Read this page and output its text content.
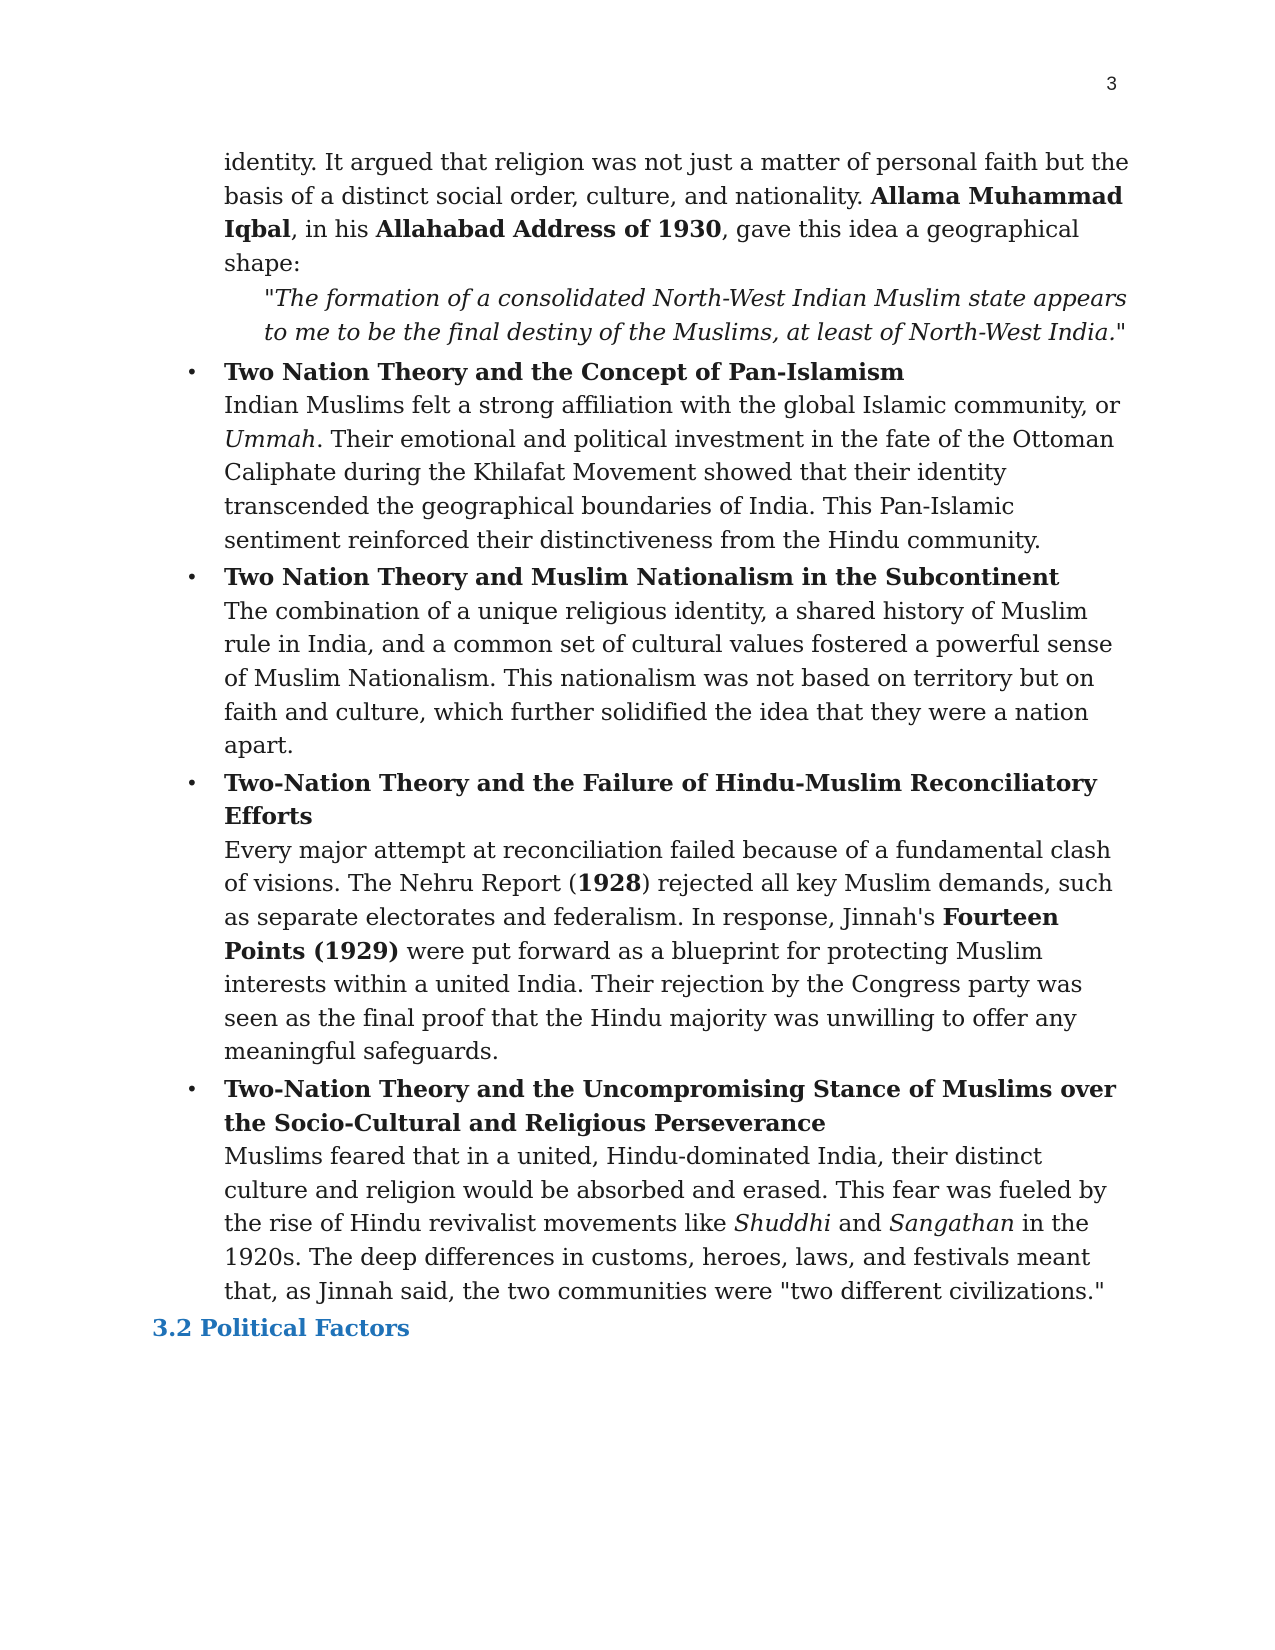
3

identity. It argued that religion was not just a matter of personal faith but the basis of a distinct social order, culture, and nationality. Allama Muhammad Iqbal, in his Allahabad Address of 1930, gave this idea a geographical shape:

"The formation of a consolidated North-West Indian Muslim state appears to me to be the final destiny of the Muslims, at least of North-West India."

• Two Nation Theory and the Concept of Pan-Islamism

Indian Muslims felt a strong affiliation with the global Islamic community, or Ummah. Their emotional and political investment in the fate of the Ottoman Caliphate during the Khilafat Movement showed that their identity transcended the geographical boundaries of India. This Pan-Islamic sentiment reinforced their distinctiveness from the Hindu community.

• Two Nation Theory and Muslim Nationalism in the Subcontinent

The combination of a unique religious identity, a shared history of Muslim rule in India, and a common set of cultural values fostered a powerful sense of Muslim Nationalism. This nationalism was not based on territory but on faith and culture, which further solidified the idea that they were a nation apart.

• Two-Nation Theory and the Failure of Hindu-Muslim Reconciliatory Efforts

Every major attempt at reconciliation failed because of a fundamental clash of visions. The Nehru Report (1928) rejected all key Muslim demands, such as separate electorates and federalism. In response, Jinnah's Fourteen Points (1929) were put forward as a blueprint for protecting Muslim interests within a united India. Their rejection by the Congress party was seen as the final proof that the Hindu majority was unwilling to offer any meaningful safeguards.

• Two-Nation Theory and the Uncompromising Stance of Muslims over the Socio-Cultural and Religious Perseverance

Muslims feared that in a united, Hindu-dominated India, their distinct culture and religion would be absorbed and erased. This fear was fueled by the rise of Hindu revivalist movements like Shuddhi and Sangathan in the 1920s. The deep differences in customs, heroes, laws, and festivals meant that, as Jinnah said, the two communities were "two different civilizations."

3.2 Political Factors
